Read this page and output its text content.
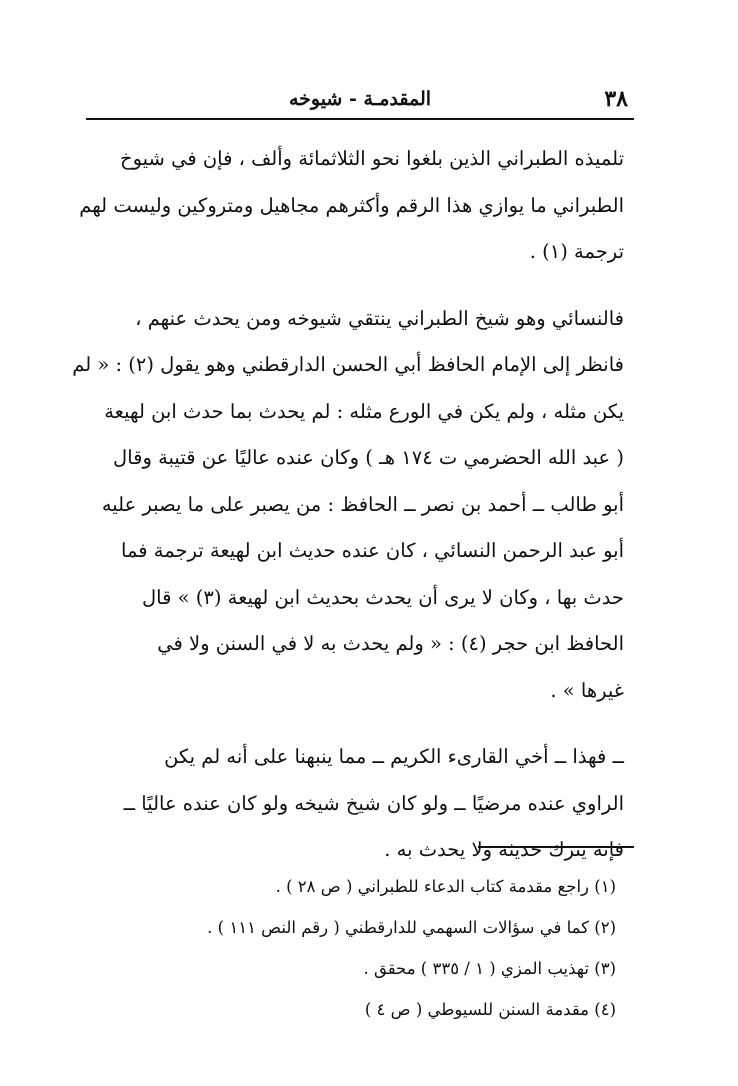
٣٨
المقدمـة - شيوخه

تلميذه الطبراني الذين بلغوا نحو الثلاثمائة وألف ، فإن في شيوخ
الطبراني ما يوازي هذا الرقم وأكثرهم مجاهيل ومتروكين وليست لهم
ترجمة (١) .

فالنسائي وهو شيخ الطبراني ينتقي شيوخه ومن يحدث عنهم ،
فانظر إلى الإمام الحافظ أبي الحسن الدارقطني وهو يقول (٢) : « لم
يكن مثله ، ولم يكن في الورع مثله : لم يحدث بما حدث ابن لهيعة
( عبد الله الحضرمي ت ١٧٤ هـ ) وكان عنده عاليًا عن قتيبة وقال
أبو طالب ــ أحمد بن نصر ــ الحافظ : من يصبر على ما يصبر عليه
أبو عبد الرحمن النسائي ، كان عنده حديث ابن لهيعة ترجمة فما
حدث بها ، وكان لا يرى أن يحدث بحديث ابن لهيعة (٣) » قال
الحافظ ابن حجر (٤) : « ولم يحدث به لا في السنن ولا في
غيرها » .

ــ فهذا ــ أخي القارىء الكريم ــ مما ينبهنا على أنه لم يكن
الراوي عنده مرضيًا ــ ولو كان شيخ شيخه ولو كان عنده عاليًا ــ
فإنه يترك حديثه ولا يحدث به .

(١) راجع مقدمة كتاب الدعاء للطبراني ( ص ٢٨ ) .
(٢) كما في سؤالات السهمي للدارقطني ( رقم النص ١١١ ) .
(٣) تهذيب المزي ( ١ / ٣٣٥ ) محقق .
(٤) مقدمة السنن للسيوطي ( ص ٤ )
